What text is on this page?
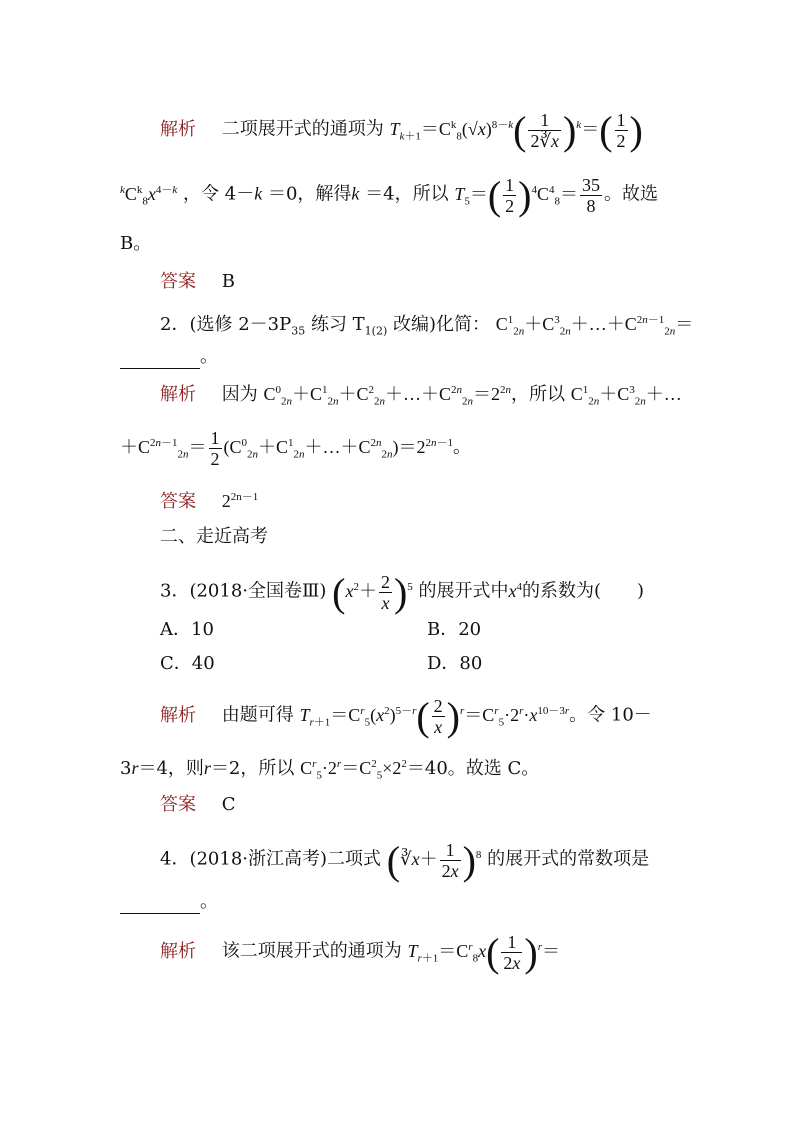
解析 二项展开式的通项为 $T_{k+1}=C^k_8(√x)^{8-k}( \frac{1}{2∛x} )^k=( \frac{1}{2}$ )
$^kC^k_8x^{4-k}$ ，令 4－k ＝0，解得k ＝4，所以 $T_5=( \frac{1}{2} )^4C^4_8= \frac{35}{8}$ 。故选
B。
答案 B
2．(选修 $2-3P_{35}$ 练习 $T_{1(2)}$ 改编)化简： $C^1_{2n}+C^3_{2n}+\dots+C^{2n-1}_{2n}=$
。
解析 因为 $C^0_{2n}+C^1_{2n}+C^2_{2n}+\dots+C^{2n}_{2n}=2^{2n}$，所以 $C^1_{2n}+C^3_{2n}+\dots$
$+C^{2n-1}_{2n}= \frac{1}{2}$ $(C^0_{2n}+C^1_{2n}+\dots+C^{2n}_{2n})=2^{2n-1}$。
答案 $2^{2n-1}$
二、走近高考
3．(2018·全国卷Ⅲ) $(x^2+ \frac{2}{x} )^5$ 的展开式中$x^4$的系数为(　　)
A．10	B．20
C．40	D．80
解析 由题可得 $T_{r+1}=C^r_5(x^2)^{5-r}( \frac{2}{x} )^r=C^r_5\cdot 2^r\cdot x^{10-3r}$。令 10－
3r＝4，则r＝2，所以 $C^r_5\cdot 2^r=C^2_5\times 2^2=40$。故选 C。
答案 C
4．(2018·浙江高考)二项式 (∛x＋ $\frac{1}{2x} )^8$ 的展开式的常数项是
。
解析 该二项展开式的通项为 $T_{r+1}=C^r_8x( \frac{1}{2x} )^r=$
